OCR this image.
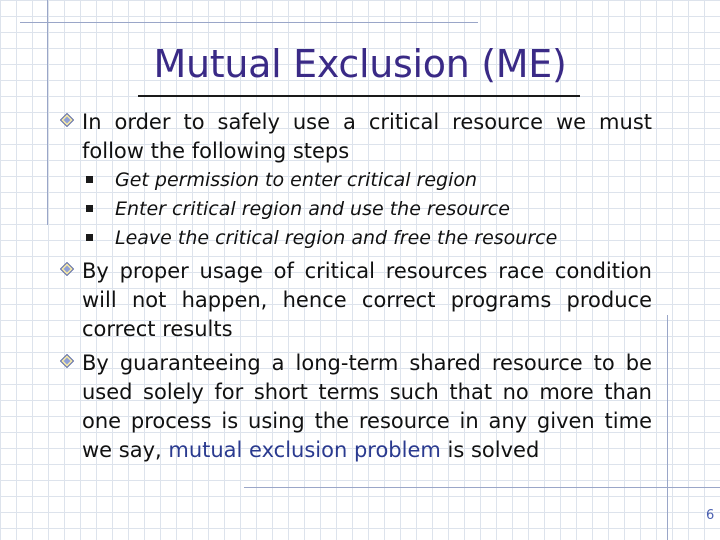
Mutual Exclusion (ME)
In order to safely use a critical resource we must follow the following steps
Get permission to enter critical region
Enter critical region and use the resource
Leave the critical region and free the resource
By proper usage of critical resources race condition will not happen, hence correct programs produce correct results
By guaranteeing a long-term shared resource to be used solely for short terms such that no more than one process is using the resource in any given time we say, mutual exclusion problem is solved
6
